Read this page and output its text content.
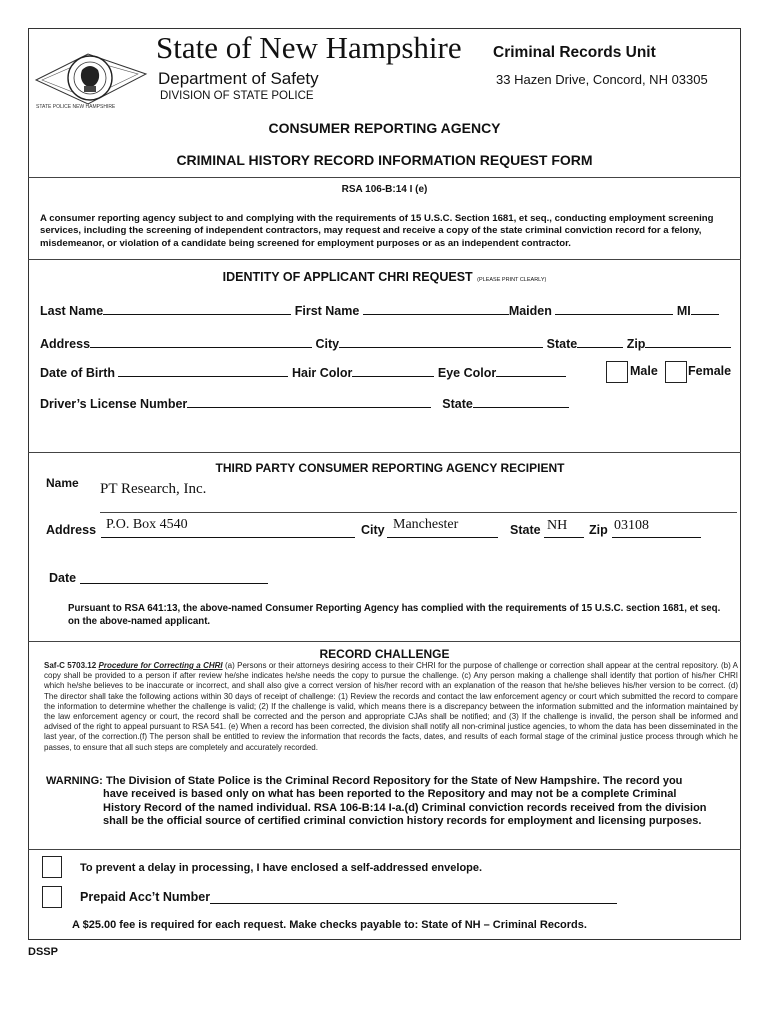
STATE POLICE NEW HAMPSHIRE
State of New Hampshire Criminal Records Unit
Department of Safety	33 Hazen Drive, Concord, NH 03305
DIVISION OF STATE POLICE
CONSUMER REPORTING AGENCY
CRIMINAL HISTORY RECORD INFORMATION REQUEST FORM
RSA 106-B:14 I (e)
A consumer reporting agency subject to and complying with the requirements of 15 U.S.C. Section 1681, et seq., conducting employment screening services, including the screening of independent contractors, may request and receive a copy of the state criminal conviction record for a felony, misdemeanor, or violation of a candidate being screened for employment purposes or as an independent contractor.
IDENTITY OF APPLICANT CHRI REQUEST (PLEASE PRINT CLEARLY)
Last Name	First Name	Maiden	MI
Address	City	State	Zip
Date of Birth	Hair Color	Eye Color	Male Female
Driver’s License Number	State
THIRD PARTY CONSUMER REPORTING AGENCY RECIPIENT
Name PT Research, Inc.
Address P.O. Box 4540	City Manchester	State NH Zip 03108
Date
Pursuant to RSA 641:13, the above-named Consumer Reporting Agency has complied with the requirements of 15 U.S.C. section 1681, et seq. on the above-named applicant.
RECORD CHALLENGE
Saf-C 5703.12 Procedure for Correcting a CHRI (a) Persons or their attorneys desiring access to their CHRI for the purpose of challenge or correction shall appear at the central repository. (b) A copy shall be provided to a person if after review he/she indicates he/she needs the copy to pursue the challenge. (c) Any person making a challenge shall identify that portion of his/her CHRI which he/she believes to be inaccurate or incorrect, and shall also give a correct version of his/her record with an explanation of the reason that he/she believes his/her version to be correct. (d) The director shall take the following actions within 30 days of receipt of challenge: (1) Review the records and contact the law enforcement agency or court which submitted the record to compare the information to determine whether the challenge is valid; (2) If the challenge is valid, which means there is a discrepancy between the information submitted and the information maintained by the law enforcement agency or court, the record shall be corrected and the person and appropriate CJAs shall be notified; and (3) If the challenge is invalid, the person shall be informed and advised of the right to appeal pursuant to RSA 541. (e) When a record has been corrected, the division shall notify all non-criminal justice agencies, to whom the data has been disseminated in the last year, of the correction.(f) The person shall be entitled to review the information that records the facts, dates, and results of each formal stage of the criminal justice process through which he passes, to ensure that all such steps are completely and accurately recorded.
WARNING: The Division of State Police is the Criminal Record Repository for the State of New Hampshire. The record you
have received is based only on what has been reported to the Repository and may not be a complete Criminal History Record of the named individual. RSA 106-B:14 I-a.(d) Criminal conviction records received from the division shall be the official source of certified criminal conviction history records for employment and licensing purposes.
To prevent a delay in processing, I have enclosed a self-addressed envelope.
Prepaid Acc’t Number
A $25.00 fee is required for each request. Make checks payable to: State of NH – Criminal Records.
DSSP
